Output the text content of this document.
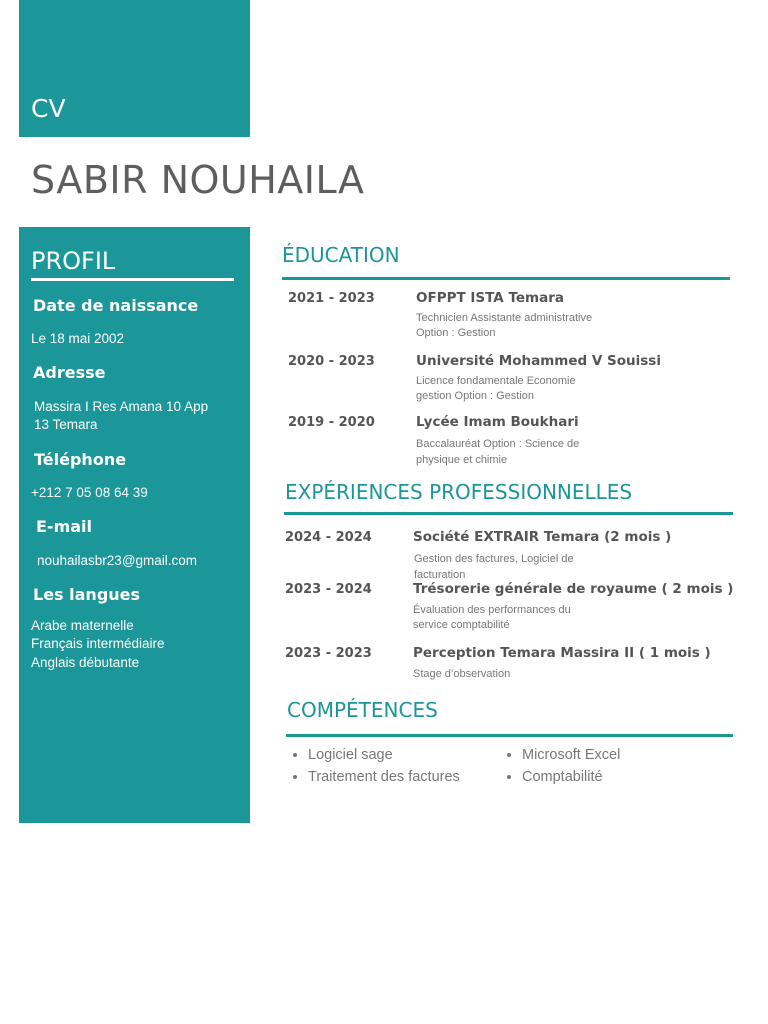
CV
SABIR NOUHAILA
PROFIL
Date de naissance
Le 18 mai 2002
Adresse
Massira I Res Amana 10 App
13 Temara
Téléphone
+212 7 05 08 64 39
E-mail
nouhailasbr23@gmail.com
Les langues
Arabe maternelle
Français intermédiaire
Anglais débutante
ÉDUCATION
2021 - 2023	OFPPT ISTA Temara
Technicien Assistante administrative
Option : Gestion
2020 - 2023	Université Mohammed V Souissi
Licence fondamentale Economie
gestion Option : Gestion
2019 - 2020	Lycée Imam Boukhari
Baccalauréat Option : Science de
physique et chimie
EXPÉRIENCES PROFESSIONNELLES
2024 - 2024	Société EXTRAIR Temara (2 mois )
Gestion des factures, Logiciel de
facturation
2023 - 2024	Trésorerie générale de royaume ( 2 mois )
Évaluation des performances du
service comptabilité
2023 - 2023	Perception Temara Massira II ( 1 mois )
Stage d’observation
COMPÉTENCES
• Logiciel sage
• Traitement des factures
• Microsoft Excel
• Comptabilité
